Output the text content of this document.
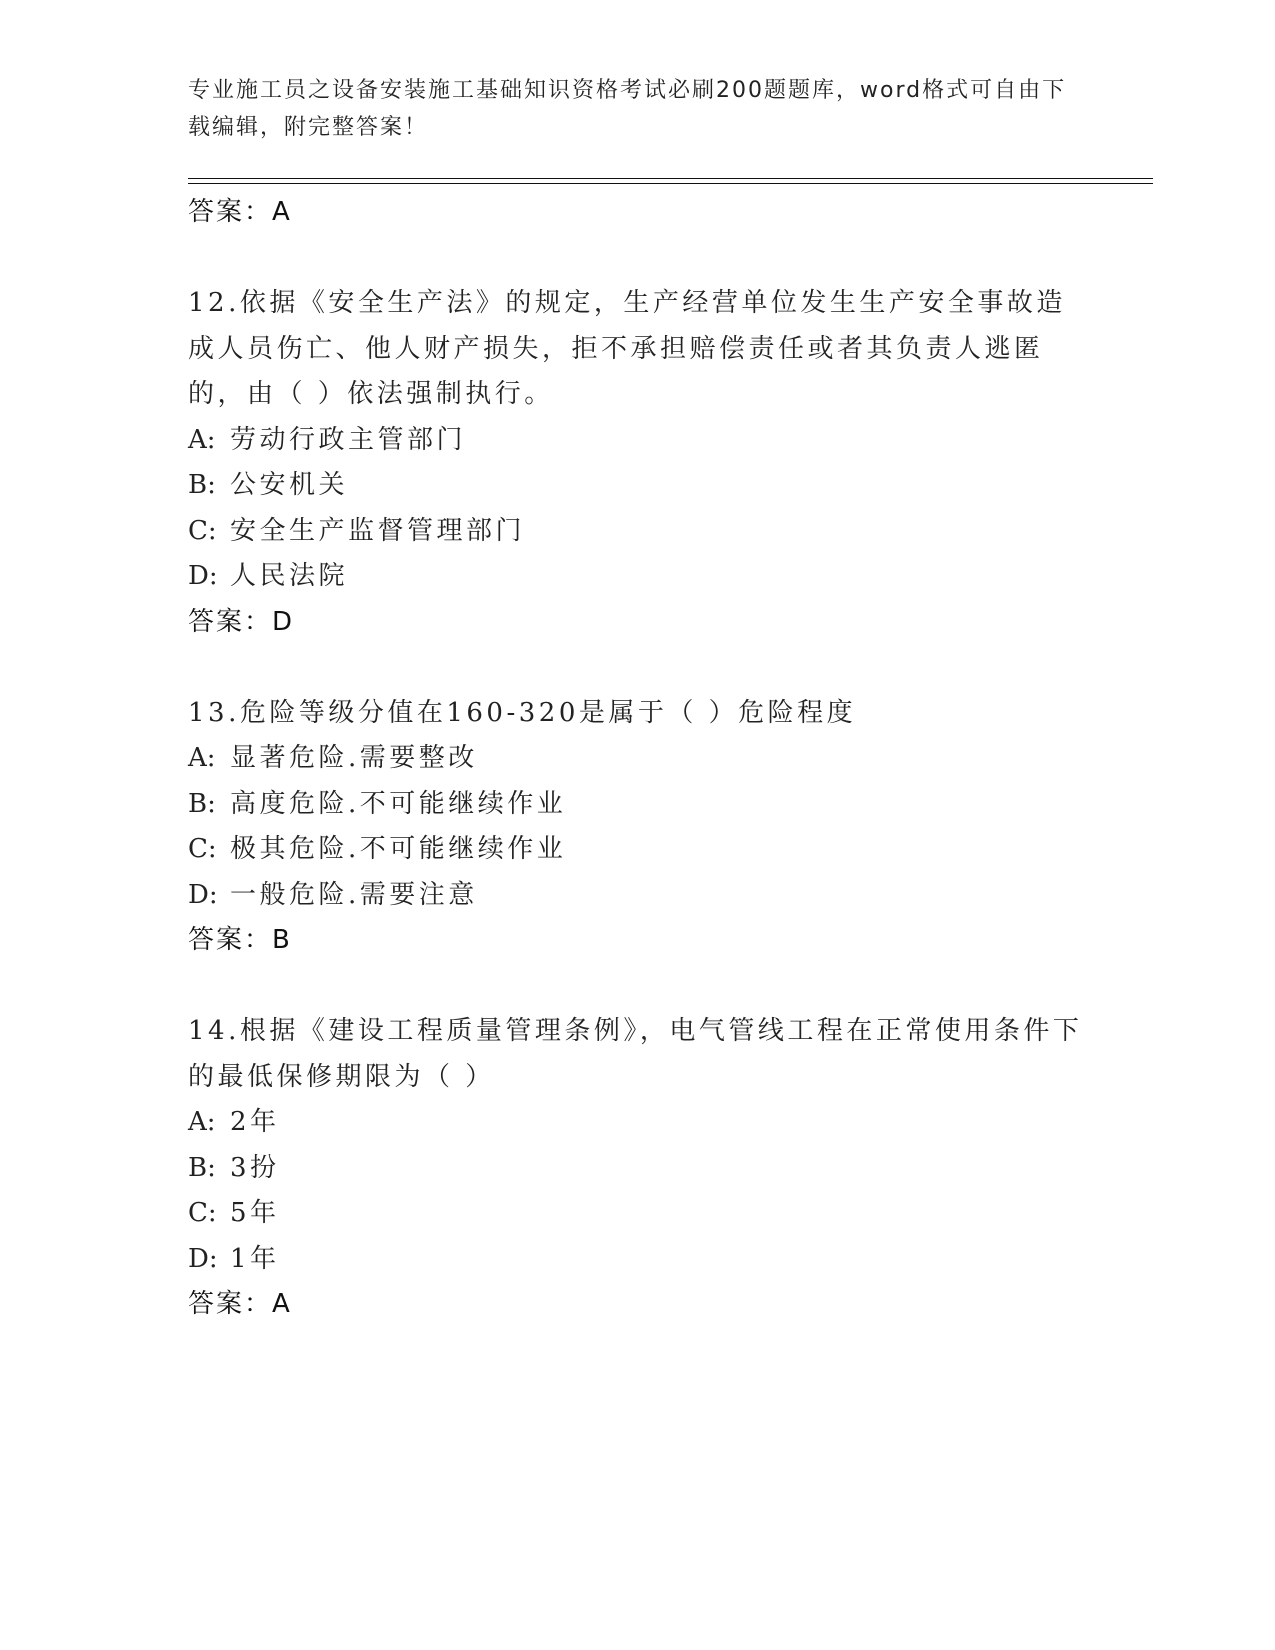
专业施工员之设备安装施工基础知识资格考试必刷200题题库，word格式可自由下载编辑，附完整答案！
答案：A
12.依据《安全生产法》的规定，生产经营单位发生生产安全事故造成人员伤亡、他人财产损失，拒不承担赔偿责任或者其负责人逃匿的，由（ ）依法强制执行。
A: 劳动行政主管部门
B: 公安机关
C: 安全生产监督管理部门
D: 人民法院
答案：D
13.危险等级分值在160-320是属于（ ）危险程度
A: 显著危险.需要整改
B: 高度危险.不可能继续作业
C: 极其危险.不可能继续作业
D: 一般危险.需要注意
答案：B
14.根据《建设工程质量管理条例》，电气管线工程在正常使用条件下的最低保修期限为（ ）
A: 2年
B: 3扮
C: 5年
D: 1年
答案：A
